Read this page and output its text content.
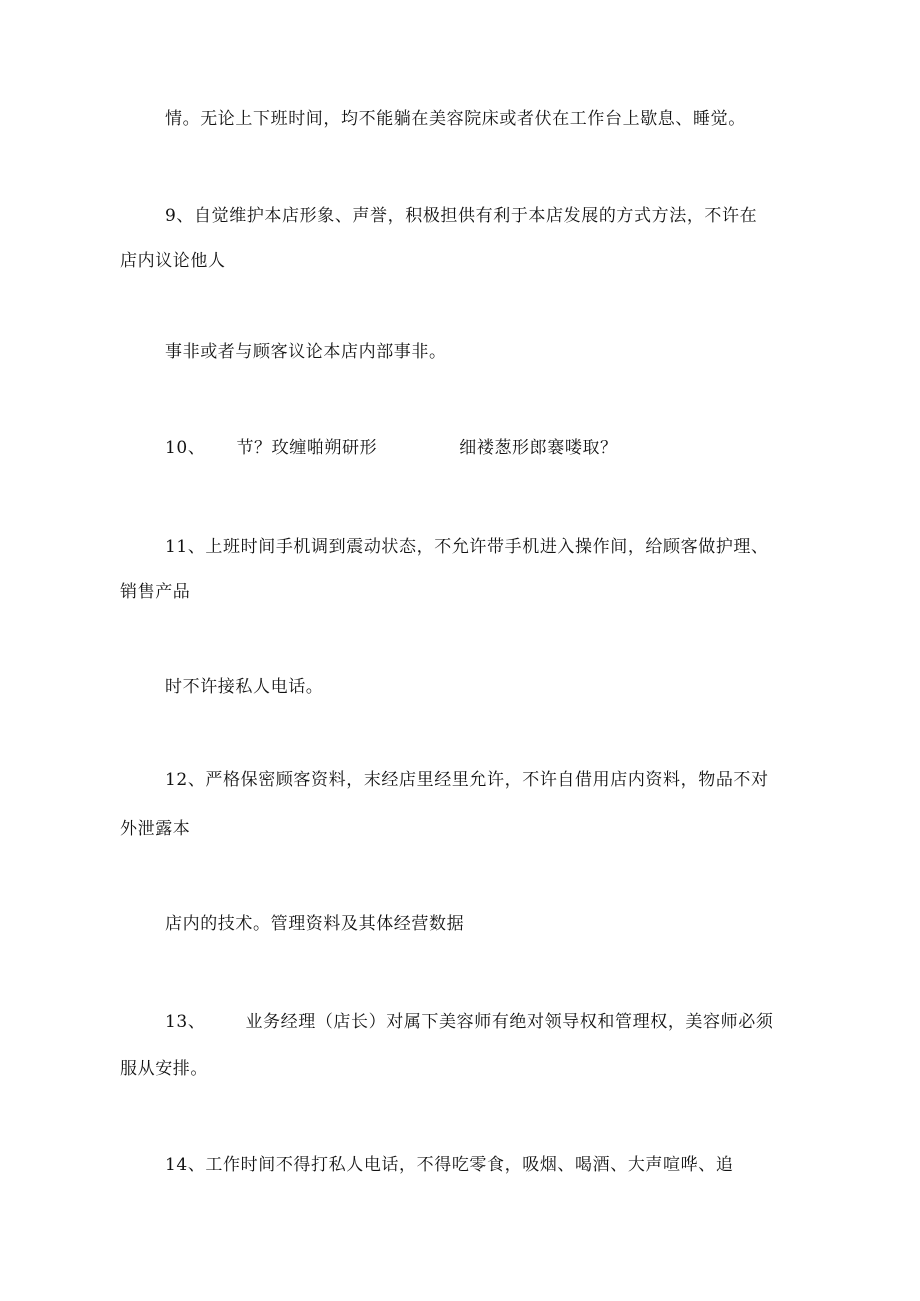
情。无论上下班时间，均不能躺在美容院床或者伏在工作台上歇息、睡觉。
9、自觉维护本店形象、声誉，积极担供有利于本店发展的方式方法，不许在
店内议论他人
事非或者与顾客议论本店内部事非。
10、 节？玫缠啪朔研形	细褛葱形郎褰喽取？
11、上班时间手机调到震动状态，不允许带手机进入操作间，给顾客做护理、
销售产品
时不许接私人电话。
12、严格保密顾客资料，末经店里经里允许，不许自借用店内资料，物品不对
外泄露本
店内的技术。管理资料及其体经营数据
13、 业务经理（店长）对属下美容师有绝对领导权和管理权，美容师必须
服从安排。
14、工作时间不得打私人电话，不得吃零食，吸烟、喝酒、大声喧哗、追
